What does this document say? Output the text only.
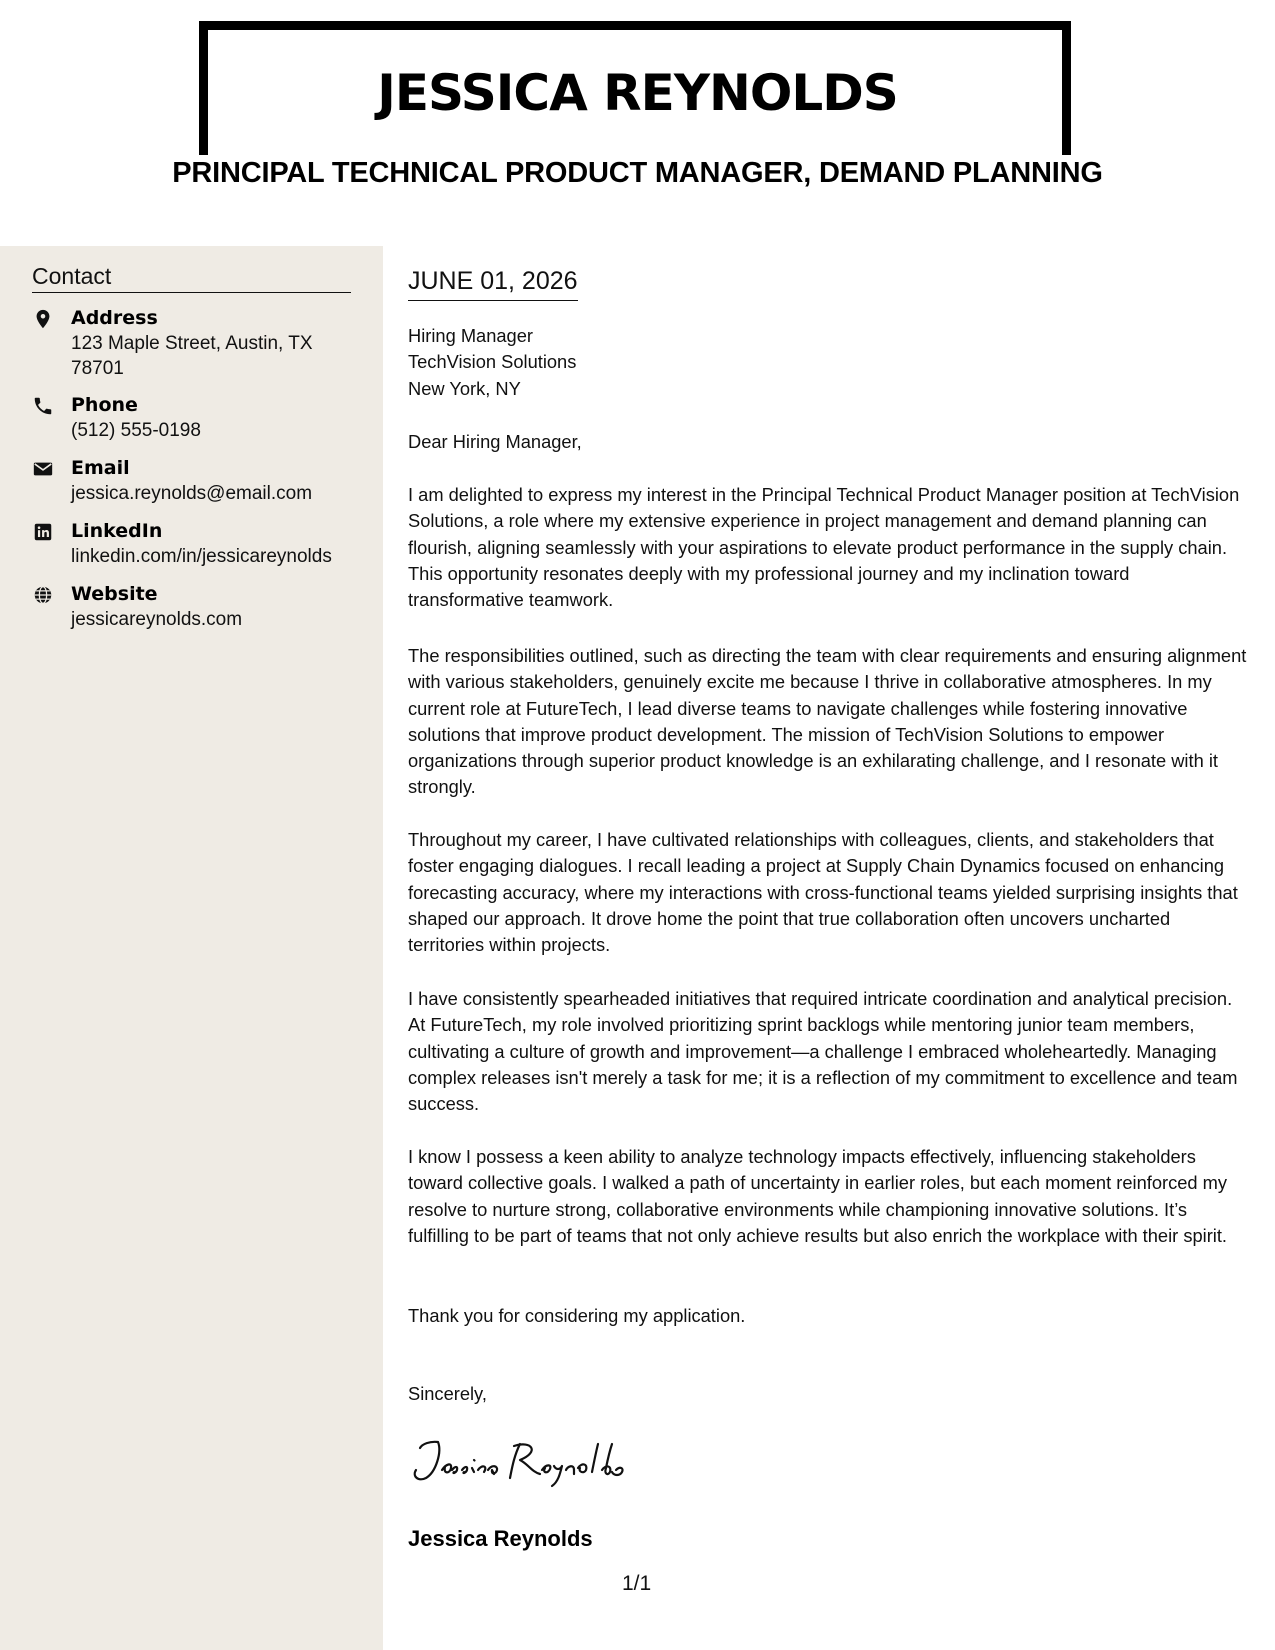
JESSICA REYNOLDS
PRINCIPAL TECHNICAL PRODUCT MANAGER, DEMAND PLANNING
Contact
Address
123 Maple Street, Austin, TX 78701
Phone
(512) 555-0198
Email
jessica.reynolds@email.com
LinkedIn
linkedin.com/in/jessicareynolds
Website
jessicareynolds.com
JUNE 01, 2026
Hiring Manager
TechVision Solutions
New York, NY
Dear Hiring Manager,
I am delighted to express my interest in the Principal Technical Product Manager position at TechVision Solutions, a role where my extensive experience in project management and demand planning can flourish, aligning seamlessly with your aspirations to elevate product performance in the supply chain. This opportunity resonates deeply with my professional journey and my inclination toward transformative teamwork.
The responsibilities outlined, such as directing the team with clear requirements and ensuring alignment with various stakeholders, genuinely excite me because I thrive in collaborative atmospheres. In my current role at FutureTech, I lead diverse teams to navigate challenges while fostering innovative solutions that improve product development. The mission of TechVision Solutions to empower organizations through superior product knowledge is an exhilarating challenge, and I resonate with it strongly.
Throughout my career, I have cultivated relationships with colleagues, clients, and stakeholders that foster engaging dialogues. I recall leading a project at Supply Chain Dynamics focused on enhancing forecasting accuracy, where my interactions with cross-functional teams yielded surprising insights that shaped our approach. It drove home the point that true collaboration often uncovers uncharted territories within projects.
I have consistently spearheaded initiatives that required intricate coordination and analytical precision. At FutureTech, my role involved prioritizing sprint backlogs while mentoring junior team members, cultivating a culture of growth and improvement—a challenge I embraced wholeheartedly. Managing complex releases isn't merely a task for me; it is a reflection of my commitment to excellence and team success.
I know I possess a keen ability to analyze technology impacts effectively, influencing stakeholders toward collective goals. I walked a path of uncertainty in earlier roles, but each moment reinforced my resolve to nurture strong, collaborative environments while championing innovative solutions. It’s fulfilling to be part of teams that not only achieve results but also enrich the workplace with their spirit.
Thank you for considering my application.
Sincerely,
Jessica Reynolds
1/1
